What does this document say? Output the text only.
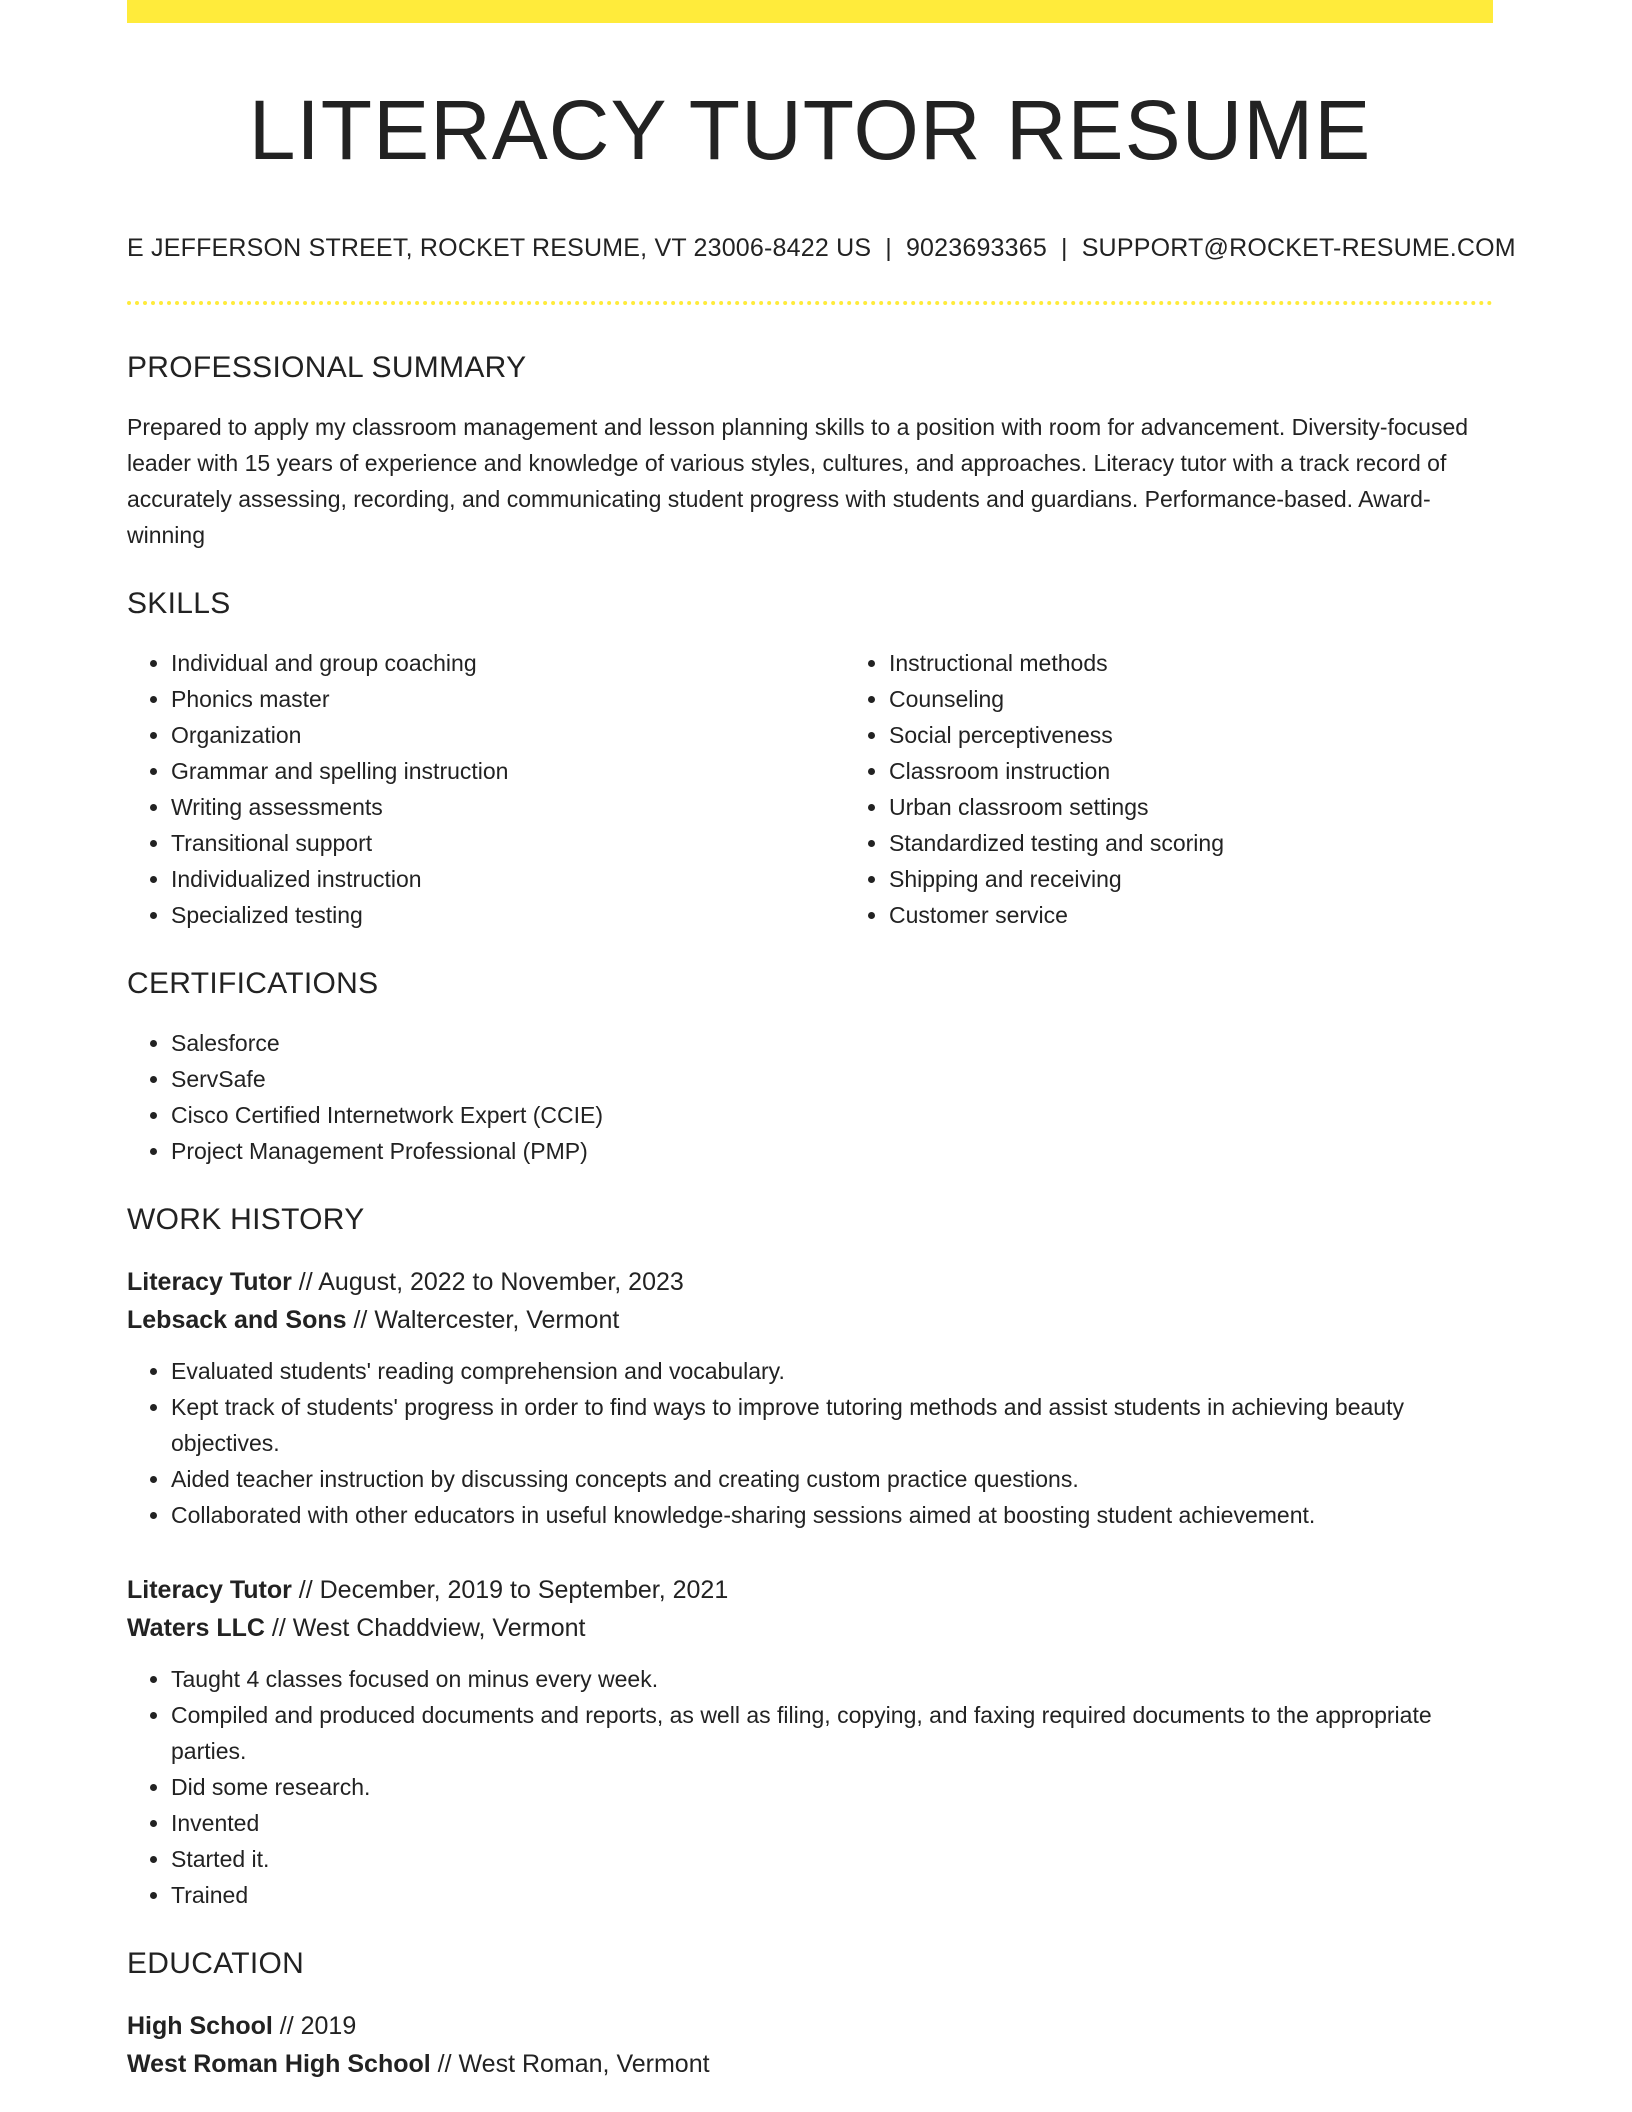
LITERACY TUTOR RESUME
E JEFFERSON STREET, ROCKET RESUME, VT 23006-8422 US | 9023693365 | SUPPORT@ROCKET-RESUME.COM
PROFESSIONAL SUMMARY

Prepared to apply my classroom management and lesson planning skills to a position with room for advancement. Diversity-focused leader with 15 years of experience and knowledge of various styles, cultures, and approaches. Literacy tutor with a track record of accurately assessing, recording, and communicating student progress with students and guardians. Performance-based. Award-winning

SKILLS
• Individual and group coaching
• Phonics master
• Organization
• Grammar and spelling instruction
• Writing assessments
• Transitional support
• Individualized instruction
• Specialized testing
• Instructional methods
• Counseling
• Social perceptiveness
• Classroom instruction
• Urban classroom settings
• Standardized testing and scoring
• Shipping and receiving
• Customer service
CERTIFICATIONS
• Salesforce
• ServSafe
• Cisco Certified Internetwork Expert (CCIE)
• Project Management Professional (PMP)
WORK HISTORY
Literacy Tutor // August, 2022 to November, 2023
Lebsack and Sons // Waltercester, Vermont
• Evaluated students' reading comprehension and vocabulary.
• Kept track of students' progress in order to find ways to improve tutoring methods and assist students in achieving beauty objectives.
• Aided teacher instruction by discussing concepts and creating custom practice questions.
• Collaborated with other educators in useful knowledge-sharing sessions aimed at boosting student achievement.
Literacy Tutor // December, 2019 to September, 2021
Waters LLC // West Chaddview, Vermont
• Taught 4 classes focused on minus every week.
• Compiled and produced documents and reports, as well as filing, copying, and faxing required documents to the appropriate parties.
• Did some research.
• Invented
• Started it.
• Trained
EDUCATION
High School // 2019
West Roman High School // West Roman, Vermont
